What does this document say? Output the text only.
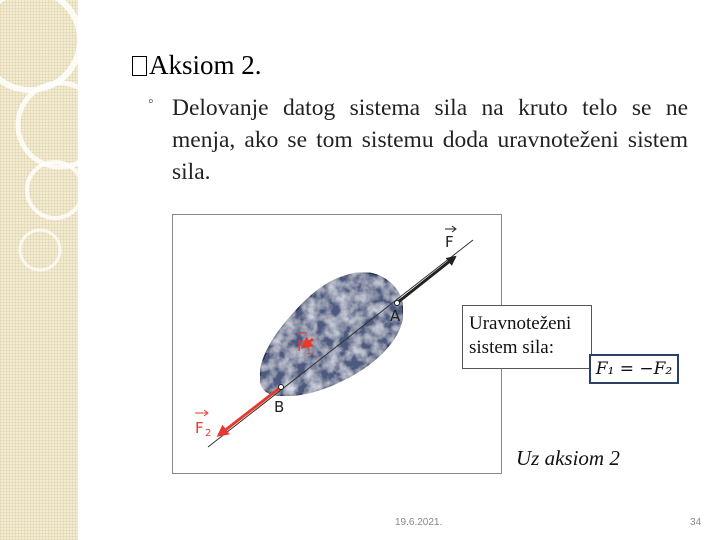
Aksiom 2.
◦ Delovanje datog sistema sila na kruto telo se ne menja, ako se tom sistemu doda uravnoteženi sistem sila.
F
A
B
F 1
F 2
Uravnoteženi sistem sila:
F₁ = −F₂
Uz aksiom 2
19.6.2021.	34
